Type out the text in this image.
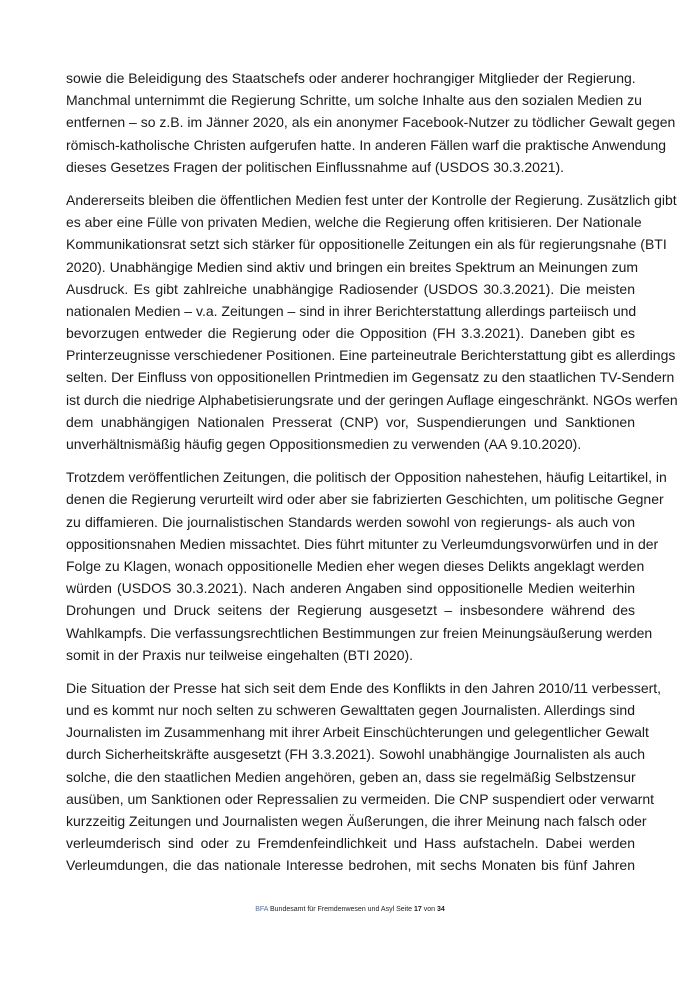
sowie die Beleidigung des Staatschefs oder anderer hochrangiger Mitglieder der Regierung.
Manchmal unternimmt die Regierung Schritte, um solche Inhalte aus den sozialen Medien zu
entfernen – so z.B. im Jänner 2020, als ein anonymer Facebook-Nutzer zu tödlicher Gewalt gegen
römisch-katholische Christen aufgerufen hatte. In anderen Fällen warf die praktische Anwendung
dieses Gesetzes Fragen der politischen Einflussnahme auf (USDOS 30.3.2021).
Andererseits bleiben die öffentlichen Medien fest unter der Kontrolle der Regierung. Zusätzlich gibt
es aber eine Fülle von privaten Medien, welche die Regierung offen kritisieren. Der Nationale
Kommunikationsrat setzt sich stärker für oppositionelle Zeitungen ein als für regierungsnahe (BTI
2020). Unabhängige Medien sind aktiv und bringen ein breites Spektrum an Meinungen zum
Ausdruck. Es gibt zahlreiche unabhängige Radiosender (USDOS 30.3.2021). Die meisten
nationalen Medien – v.a. Zeitungen – sind in ihrer Berichterstattung allerdings parteiisch und
bevorzugen entweder die Regierung oder die Opposition (FH 3.3.2021). Daneben gibt es
Printerzeugnisse verschiedener Positionen. Eine parteineutrale Berichterstattung gibt es allerdings
selten. Der Einfluss von oppositionellen Printmedien im Gegensatz zu den staatlichen TV-Sendern
ist durch die niedrige Alphabetisierungsrate und der geringen Auflage eingeschränkt. NGOs werfen
dem unabhängigen Nationalen Presserat (CNP) vor, Suspendierungen und Sanktionen
unverhältnismäßig häufig gegen Oppositionsmedien zu verwenden (AA 9.10.2020).
Trotzdem veröffentlichen Zeitungen, die politisch der Opposition nahestehen, häufig Leitartikel, in
denen die Regierung verurteilt wird oder aber sie fabrizierten Geschichten, um politische Gegner
zu diffamieren. Die journalistischen Standards werden sowohl von regierungs- als auch von
oppositionsnahen Medien missachtet. Dies führt mitunter zu Verleumdungsvorwürfen und in der
Folge zu Klagen, wonach oppositionelle Medien eher wegen dieses Delikts angeklagt werden
würden (USDOS 30.3.2021). Nach anderen Angaben sind oppositionelle Medien weiterhin
Drohungen und Druck seitens der Regierung ausgesetzt – insbesondere während des
Wahlkampfs. Die verfassungsrechtlichen Bestimmungen zur freien Meinungsäußerung werden
somit in der Praxis nur teilweise eingehalten (BTI 2020).
Die Situation der Presse hat sich seit dem Ende des Konflikts in den Jahren 2010/11 verbessert,
und es kommt nur noch selten zu schweren Gewalttaten gegen Journalisten. Allerdings sind
Journalisten im Zusammenhang mit ihrer Arbeit Einschüchterungen und gelegentlicher Gewalt
durch Sicherheitskräfte ausgesetzt (FH 3.3.2021). Sowohl unabhängige Journalisten als auch
solche, die den staatlichen Medien angehören, geben an, dass sie regelmäßig Selbstzensur
ausüben, um Sanktionen oder Repressalien zu vermeiden. Die CNP suspendiert oder verwarnt
kurzzeitig Zeitungen und Journalisten wegen Äußerungen, die ihrer Meinung nach falsch oder
verleumderisch sind oder zu Fremdenfeindlichkeit und Hass aufstacheln. Dabei werden
Verleumdungen, die das nationale Interesse bedrohen, mit sechs Monaten bis fünf Jahren
BFA Bundesamt für Fremdenwesen und Asyl Seite 17 von 34
